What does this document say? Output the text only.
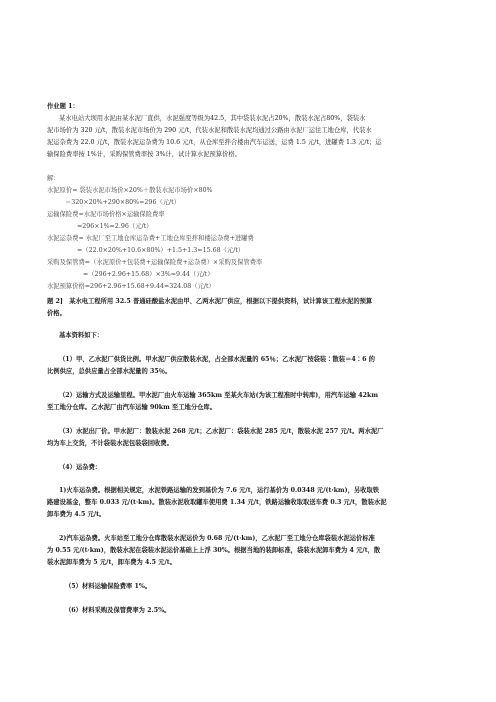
作业题 1：
某水电站大坝用水泥由某水泥厂直供，水泥强度等级为42.5，其中袋装水泥占20%，散装水泥占80%，袋装水
泥市场价为 320 元/t，散装水泥市场价为 290 元/t，代装水泥和散装水泥均通过公路由水泥厂运往工地仓库，代装水
泥运杂费为 22.0 元/t，散装水泥运杂费为 10.6 元/t，从仓库至拌合楼由汽车运送，运费 1.5 元/t，进罐费 1.3 元/t；运
输保险费率按 1%计，采购保管费率按 3%计，试计算水泥预算价格。
解：
水泥原价= 袋装水泥市场价×20%＋散装水泥市场价×80%
＝320×20%+290×80%=296（元/t）
运输保险费=水泥市场价格×运输保险费率
=296×1%=2.96（元/t）
水泥运杂费= 水泥厂至工地仓库运杂费+工地仓库至拌和楼运杂费+进罐费
=（22.0×20%+10.6×80%）+1.5+1.3=15.68（元/t）
采购及保管费=（水泥原价+包装费+运输保险费+运杂费）×采购及保管费率
=（296+2.96+15.68）×3%=9.44（元/t）
水泥预算价格=296+2.96+15.68+9.44=324.08（元/t）
题 2]　某水电工程所用 32.5 普通硅酸盐水泥由甲、乙两水泥厂供应，根据以下提供资料，试计算该工程水泥的预算
价格。
基本资料如下：
（1）甲、乙水泥厂供货比例。甲水泥厂供应散装水泥，占全部水泥量的 65％；乙水泥厂按袋装∶散装＝4∶6 的
比例供应，总供应量占全部水泥量的 35％。
（2）运输方式及运输里程。甲水泥厂由火车运输 365km 至某火车站(为该工程准时中转库)，用汽车运输 42km
至工地分仓库。乙水泥厂由汽车运输 90km 至工地分仓库。
（3）水泥出厂价。甲水泥厂：散装水泥 268 元/t；乙水泥厂：袋装水泥 285 元/t，散装水泥 257 元/t。两水泥厂
均为车上交货，不计袋装水泥包装袋回收费。
（4）运杂费：
1)火车运杂费。根据相关规定，水泥铁路运输的发到基价为 7.6 元/t，运行基价为 0.0348 元/(t·km)，另收取铁
路建设基金，整车 0.033 元/(t·km)。散装水泥收取罐车使用费 1.34 元/t，铁路运输收取取送车费 0.3 元/t，散装水泥
卸车费为 4.5 元/t。
2)汽车运杂费。火车站至工地分仓库散装水泥运价为 0.68 元/(t·km)，乙水泥厂至工地分仓库袋装水泥运价标准
为 0.55 元/(t·km)，散装水泥在袋装水泥运价基础上上浮 30%。根据当地的装卸标准，袋装水泥卸车费为 4 元/t，散
装水泥卸车费为 5 元/t，卸车费为 4.5 元/t。
（5）材料运输保险费率 1%。
（6）材料采购及保管费率为 2.5%。
